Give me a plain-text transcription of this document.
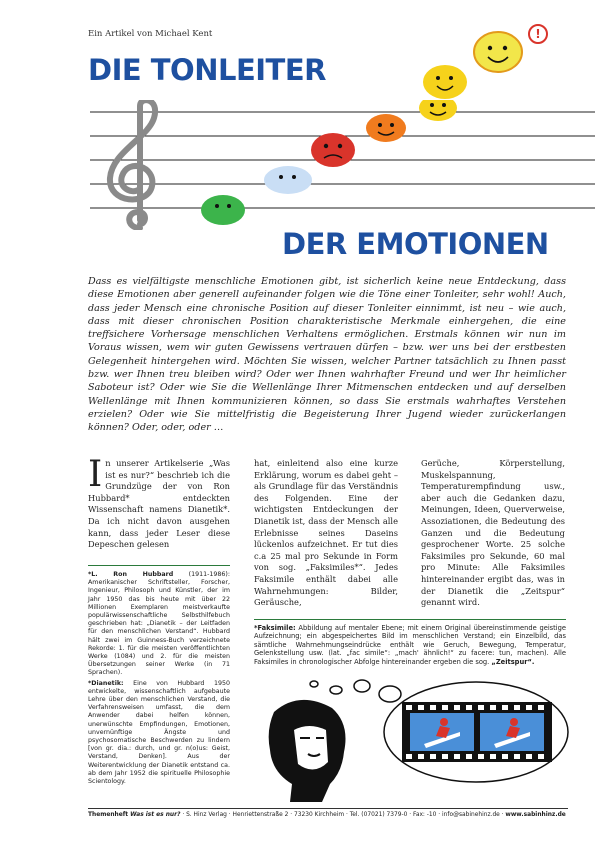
Ein Artikel von Michael Kent
DIE TONLEITER
!
DER EMOTIONEN
Dass es vielfältigste menschliche Emotionen gibt, ist sicherlich keine neue Entdeckung, dass diese Emotionen aber generell aufeinander folgen wie die Töne einer Tonleiter, sehr wohl! Auch, dass jeder Mensch eine chronische Position auf dieser Tonleiter einnimmt, ist neu – wie auch, dass mit dieser chronischen Position charakteristische Merkmale einhergehen, die eine treffsichere Vorhersage menschlichen Verhaltens ermöglichen. Erstmals können wir nun im Voraus wissen, wem wir guten Gewissens vertrauen dürfen – bzw. wer uns bei der erstbesten Gelegenheit hintergehen wird. Möchten Sie wissen, welcher Partner tatsächlich zu Ihnen passt bzw. wer Ihnen treu bleiben wird? Oder wer Ihnen wahrhafter Freund und wer Ihr heimlicher Saboteur ist? Oder wie Sie die Wellenlänge Ihrer Mitmenschen entdecken und auf derselben Wellenlänge mit Ihnen kommunizieren können, so dass Sie erstmals wahrhaftes Verstehen erzielen? Oder wie Sie mittelfristig die Begeisterung Ihrer Jugend wieder zurückerlangen können? Oder, oder, oder …
In unserer Artikelserie „Was ist es nur?“ beschrieb ich die Grundzüge der von Ron Hubbard* entdeckten Wissenschaft namens Dianetik*. Da ich nicht davon ausgehen kann, dass jeder Leser diese Depeschen gelesen

*L. Ron Hubbard (1911-1986): Amerikanischer Schriftsteller, Forscher, Ingenieur, Philosoph und Künstler, der im Jahr 1950 das bis heute mit über 22 Millionen Exemplaren meistverkaufte populärwissenschaftliche Selbsthilfebuch geschrieben hat: „Dianetik – der Leitfaden für den menschlichen Verstand“. Hubbard hält zwei im Guinness-Buch verzeichnete Rekorde: 1. für die meisten veröffentlichten Werke (1084) und 2. für die meisten Übersetzungen seiner Werke (in 71 Sprachen).

*Dianetik: Eine von Hubbard 1950 entwickelte, wissenschaftlich aufgebaute Lehre über den menschlichen Verstand, die Verfahrensweisen umfasst, die dem Anwender dabei helfen können, unerwünschte Empfindungen, Emotionen, unvernünftige Ängste und psychosomatische Beschwerden zu lindern [von gr. dia.: durch, und gr. n(o)us: Geist, Verstand, Denken]. Aus der Weiterentwicklung der Dianetik entstand ca. ab dem Jahr 1952 die spirituelle Philosophie Scientology.

hat, einleitend also eine kurze Erklärung, worum es dabei geht – als Grundlage für das Verständnis des Folgenden. Eine der wichtigsten Entdeckungen der Dianetik ist, dass der Mensch alle Erlebnisse seines Daseins lückenlos aufzeichnet. Er tut dies c.a 25 mal pro Sekunde in Form von sog. „Faksimiles*“. Jedes Faksimile enthält dabei alle Wahrnehmungen: Bilder, Geräusche,
Gerüche, Körperstellung, Muskelspannung, Temperaturempfindung usw., aber auch die Gedanken dazu, Meinungen, Ideen, Querverweise, Assoziationen, die Bedeutung des Ganzen und die Bedeutung gesprochener Worte. 25 solche Faksimiles pro Sekunde, 60 mal pro Minute: Alle Faksimiles hintereinander ergibt das, was in der Dianetik die „Zeitspur“ genannt wird.
*Faksimile: Abbildung auf mentaler Ebene; mit einem Original übereinstimmende geistige Aufzeichnung; ein abgespeichertes Bild im menschlichen Verstand; ein Einzelbild, das sämtliche Wahrnehmungseindrücke enthält wie Geruch, Bewegung, Temperatur, Gelenkstellung usw. (lat. „fac simile“: „mach' ähnlich!“ zu facere: tun, machen). Alle Faksimiles in chronologischer Abfolge hintereinander ergeben die sog. „Zeitspur“.
Themenheft Was ist es nur? · S. Hinz Verlag · Henriettenstraße 2 · 73230 Kirchheim · Tel. (07021) 7379-0 · Fax: -10 · info@sabinehinz.de · www.sabinhinz.de
